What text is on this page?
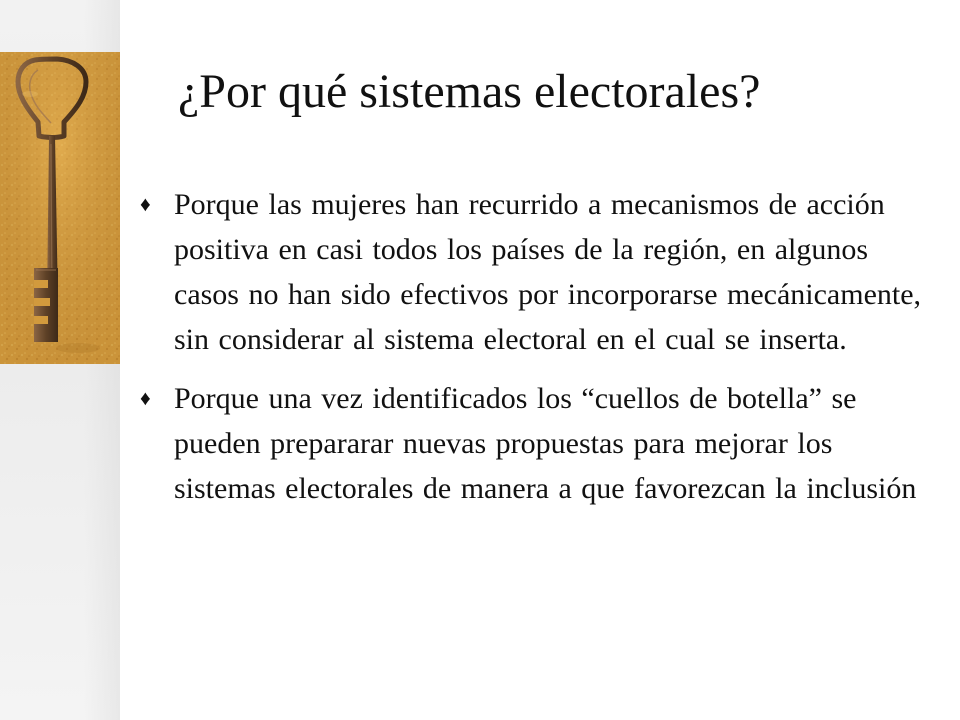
¿Por qué sistemas electorales?
♦ Porque las mujeres han recurrido a mecanismos de acción positiva en casi todos los países de la región, en algunos casos no han sido efectivos por incorporarse mecánicamente, sin considerar al sistema electoral en el cual se inserta.
♦ Porque una vez identificados los “cuellos de botella” se pueden prepararar nuevas propuestas para mejorar los sistemas electorales de manera a que favorezcan la inclusión
